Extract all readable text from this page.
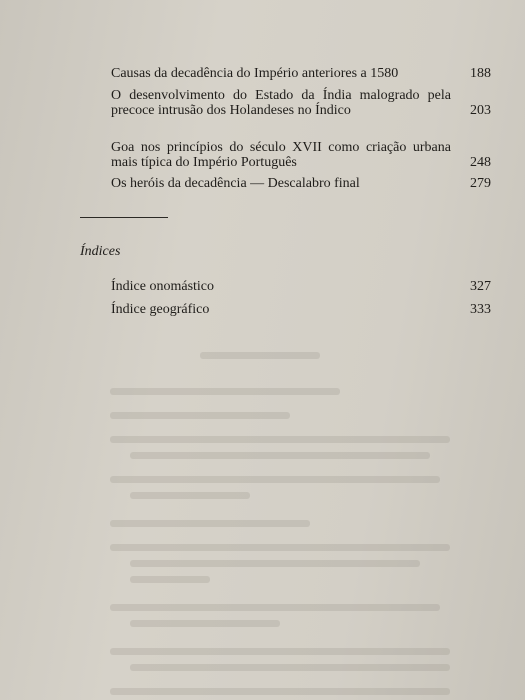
Causas da decadência do Império anteriores a 1580	188
O desenvolvimento do Estado da Índia malogrado pela precoce intrusão dos Holandeses no Índico	203
Goa nos princípios do século XVII como criação urbana mais típica do Império Português	248
Os heróis da decadência — Descalabro final	279
Índices
Índice onomástico	327
Índice geográfico	333
